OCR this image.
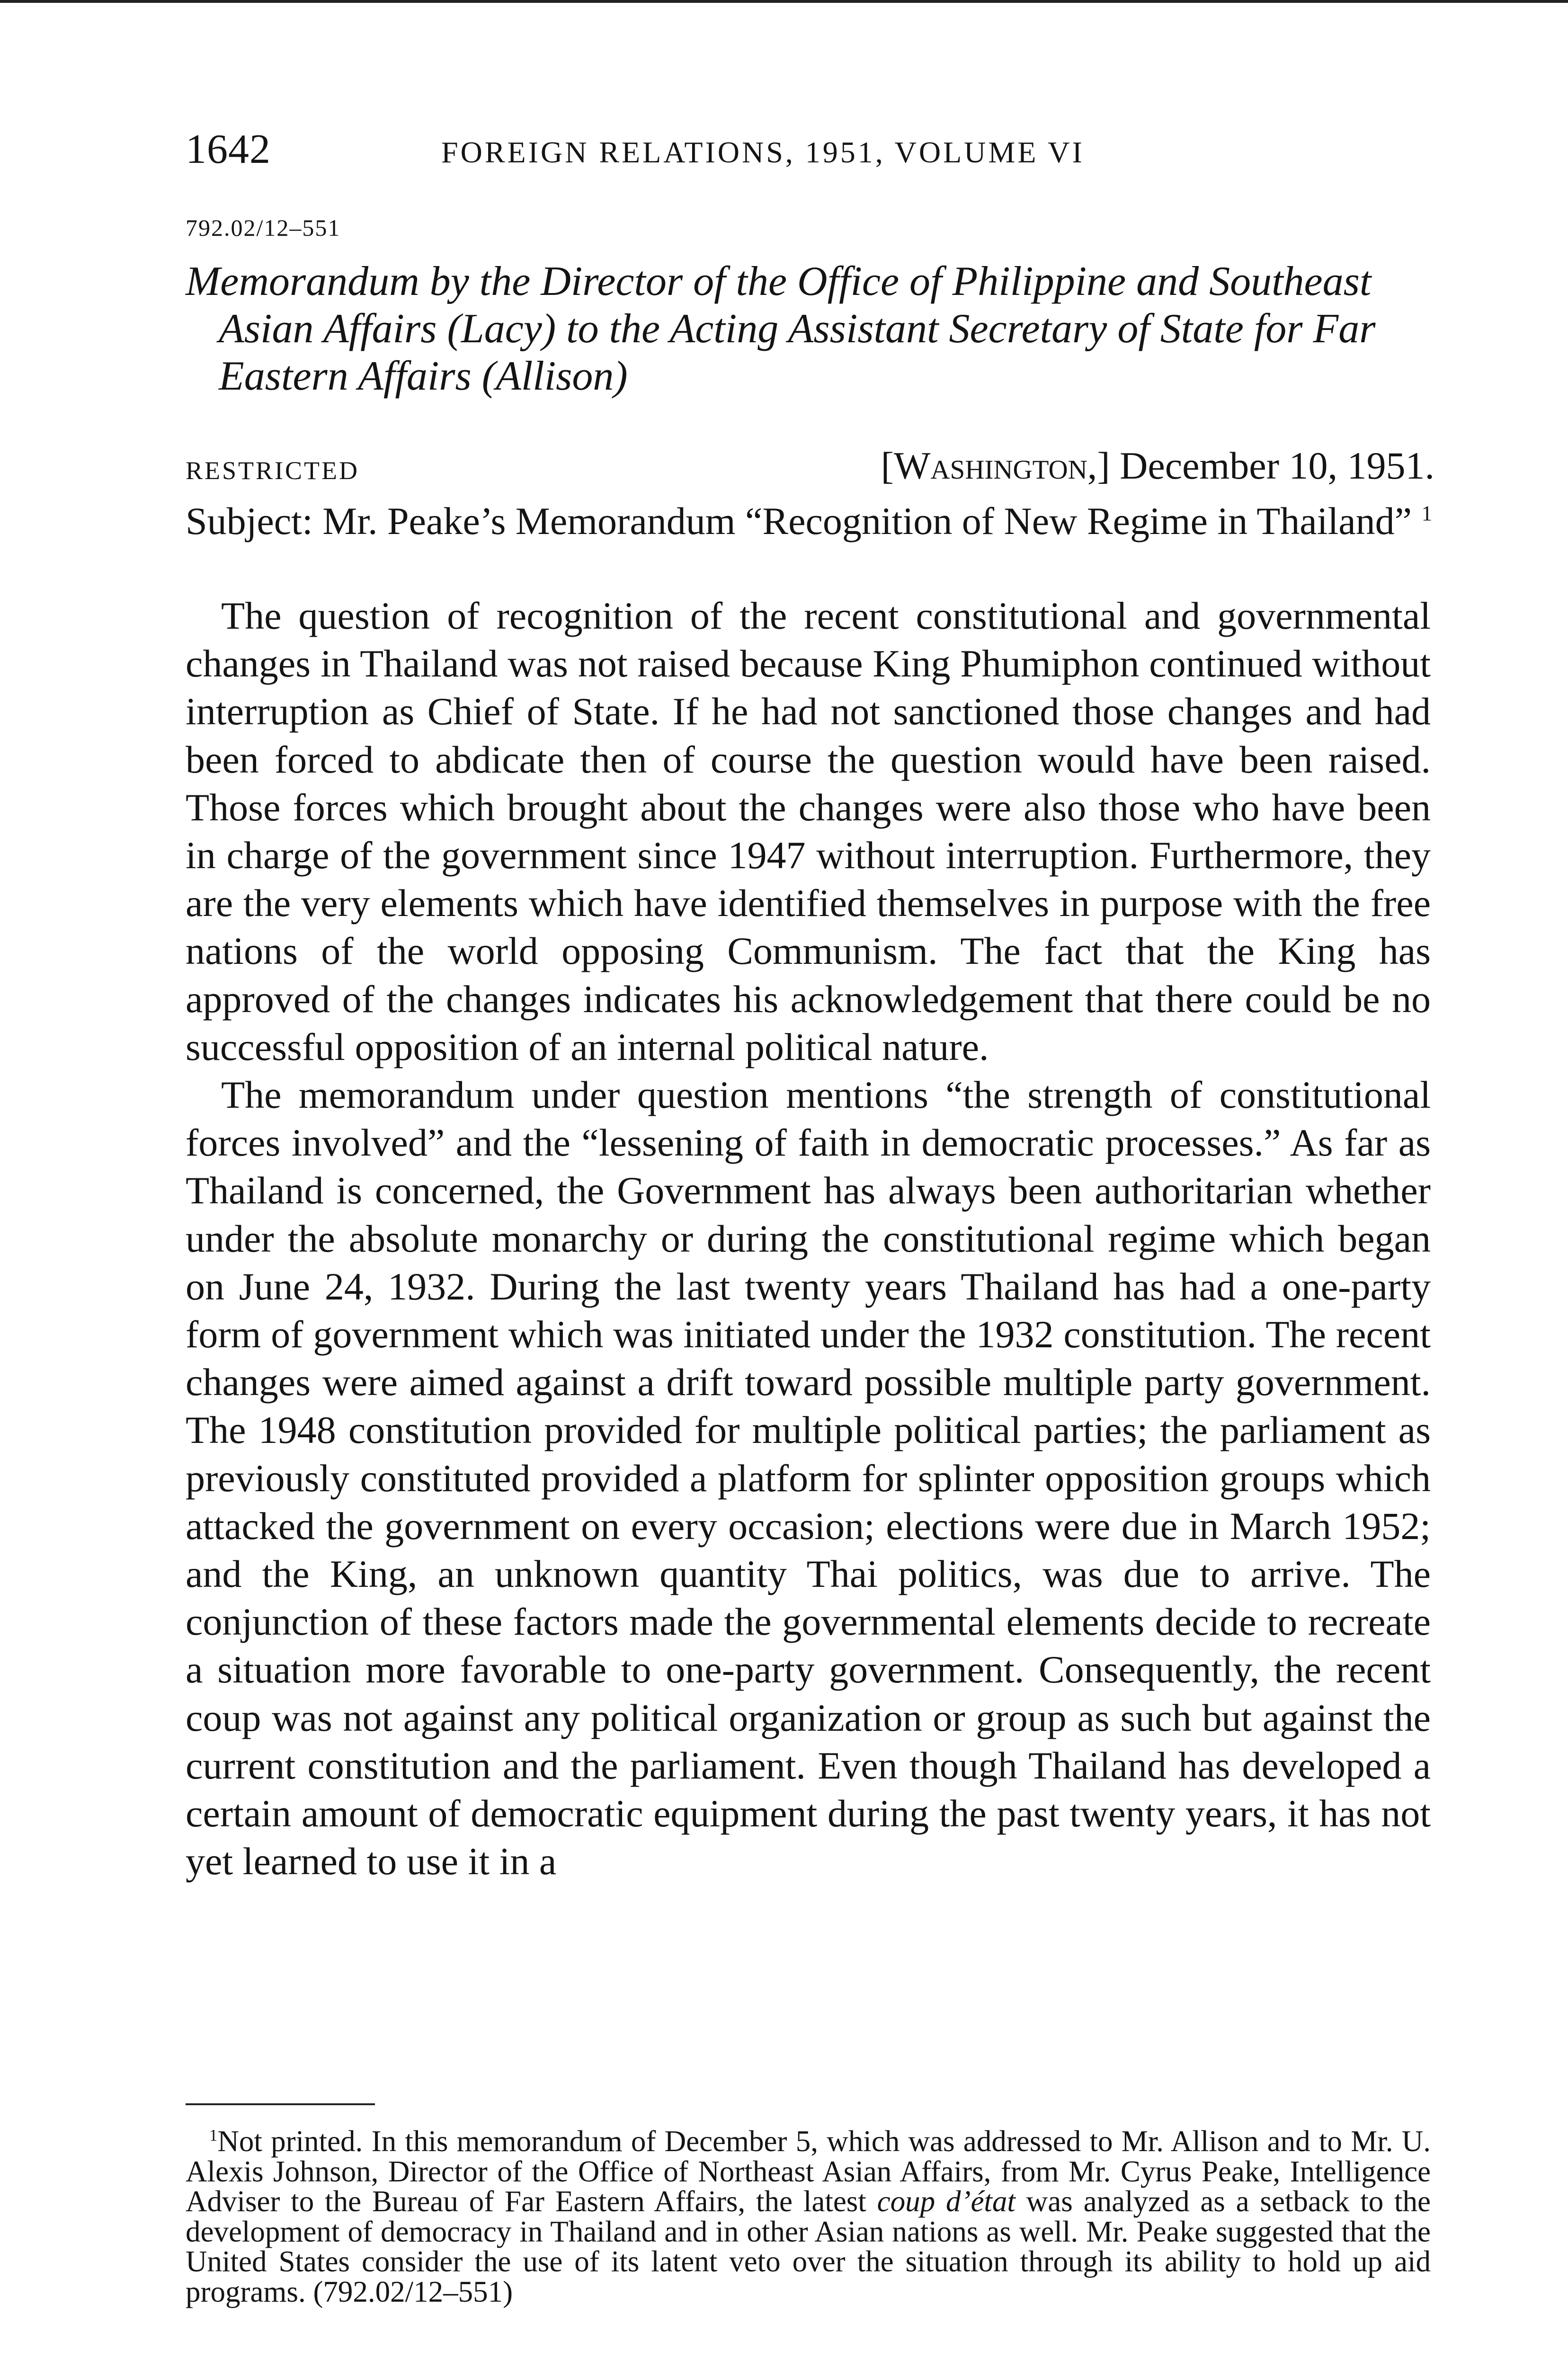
1642	FOREIGN RELATIONS, 1951, VOLUME VI
792.02/12–551
Memorandum by the Director of the Office of Philippine and Southeast Asian Affairs (Lacy) to the Acting Assistant Secretary of State for Far Eastern Affairs (Allison)
RESTRICTED	[Washington,] December 10, 1951.
Subject: Mr. Peake’s Memorandum “Recognition of New Regime in Thailand” $^1$

The question of recognition of the recent constitutional and governmental changes in Thailand was not raised because King Phumiphon continued without interruption as Chief of State. If he had not sanctioned those changes and had been forced to abdicate then of course the question would have been raised. Those forces which brought about the changes were also those who have been in charge of the government since 1947 without interruption. Furthermore, they are the very elements which have identified themselves in purpose with the free nations of the world opposing Communism. The fact that the King has approved of the changes indicates his acknowledgement that there could be no successful opposition of an internal political nature.

The memorandum under question mentions “the strength of constitutional forces involved” and the “lessening of faith in democratic processes.” As far as Thailand is concerned, the Government has always been authoritarian whether under the absolute monarchy or during the constitutional regime which began on June 24, 1932. During the last twenty years Thailand has had a one-party form of government which was initiated under the 1932 constitution. The recent changes were aimed against a drift toward possible multiple party government. The 1948 constitution provided for multiple political parties; the parliament as previously constituted provided a platform for splinter opposition groups which attacked the government on every occasion; elections were due in March 1952; and the King, an unknown quantity Thai politics, was due to arrive. The conjunction of these factors made the governmental elements decide to recreate a situation more favorable to one-party government. Consequently, the recent coup was not against any political organization or group as such but against the current constitution and the parliament. Even though Thailand has developed a certain amount of democratic equipment during the past twenty years, it has not yet learned to use it in a

$^1$Not printed. In this memorandum of December 5, which was addressed to Mr. Allison and to Mr. U. Alexis Johnson, Director of the Office of Northeast Asian Affairs, from Mr. Cyrus Peake, Intelligence Adviser to the Bureau of Far Eastern Affairs, the latest coup d’état was analyzed as a setback to the development of democracy in Thailand and in other Asian nations as well. Mr. Peake suggested that the United States consider the use of its latent veto over the situation through its ability to hold up aid programs. (792.02/12–551)
